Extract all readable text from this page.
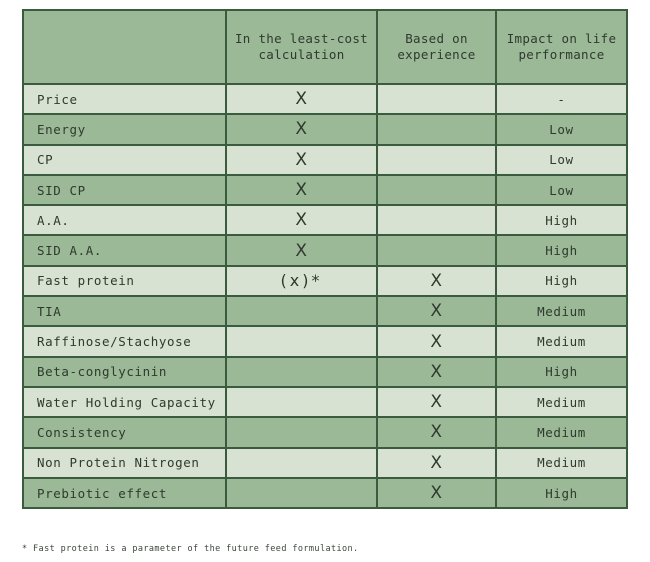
	In the least-cost calculation	Based on experience	Impact on life performance
Price	X		-
Energy	X		Low
CP	X		Low
SID CP	X		Low
A.A.	X		High
SID A.A.	X		High
Fast protein	(x)*	X	High
TIA		X	Medium
Raffinose/Stachyose		X	Medium
Beta-conglycinin		X	High
Water Holding Capacity		X	Medium
Consistency		X	Medium
Non Protein Nitrogen		X	Medium
Prebiotic effect		X	High
* Fast protein is a parameter of the future feed formulation.
